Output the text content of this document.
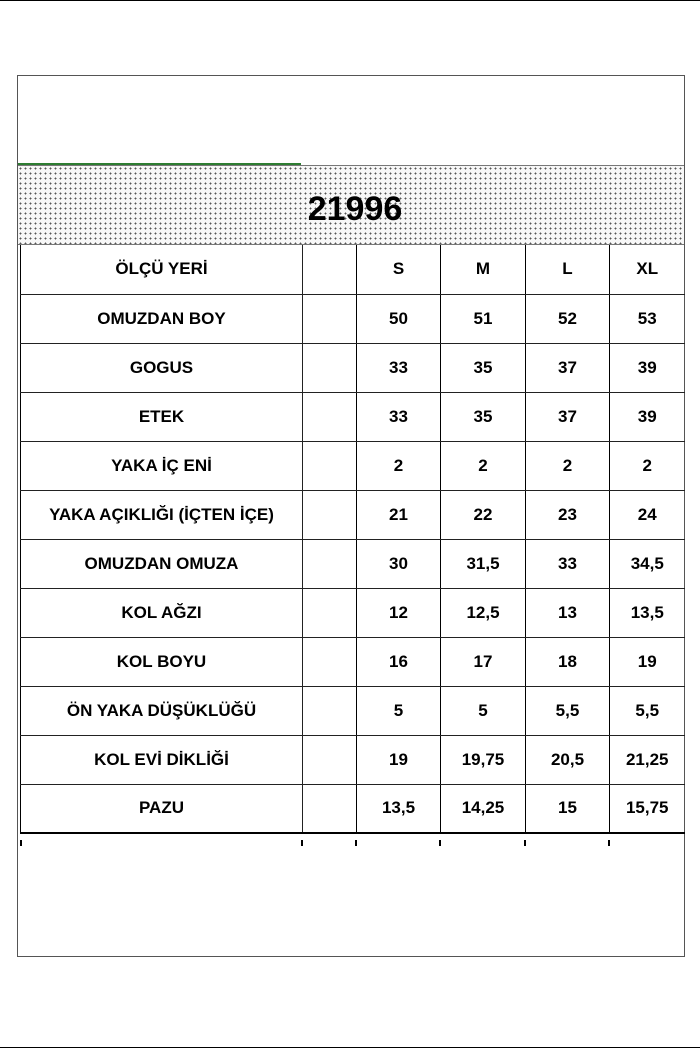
21996
ÖLÇÜ YERİ		S	M	L	XL
OMUZDAN BOY		50	51	52	53
GOGUS		33	35	37	39
ETEK		33	35	37	39
YAKA İÇ ENİ		2	2	2	2
YAKA AÇIKLIĞI (İÇTEN İÇE)		21	22	23	24
OMUZDAN OMUZA		30	31,5	33	34,5
KOL AĞZI		12	12,5	13	13,5
KOL BOYU		16	17	18	19
ÖN YAKA DÜŞÜKLÜĞÜ		5	5	5,5	5,5
KOL EVİ DİKLİĞİ		19	19,75	20,5	21,25
PAZU		13,5	14,25	15	15,75
